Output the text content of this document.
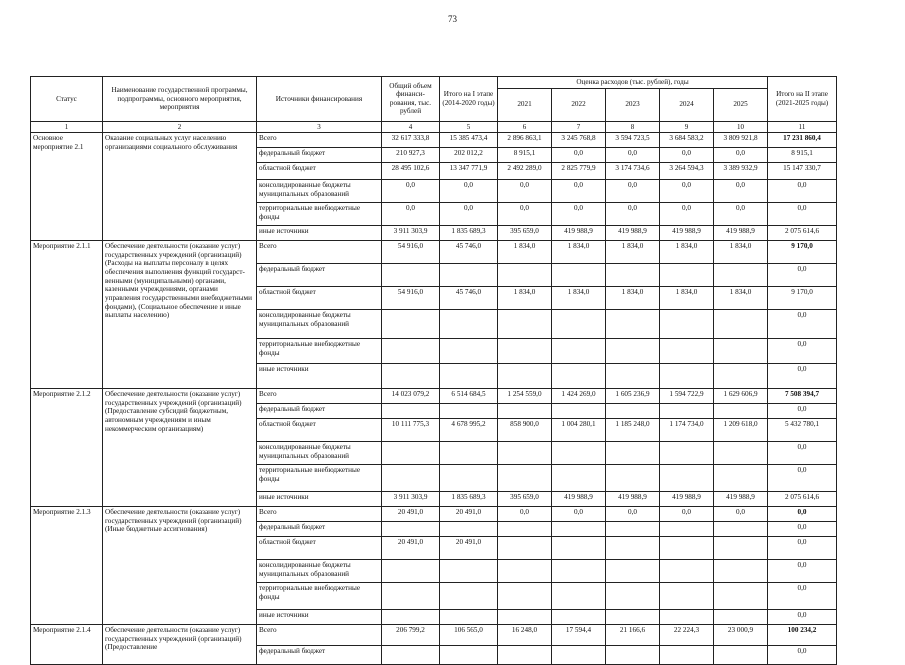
73
Статус	Наименование государственной программы, подпрограммы, основного мероприятия, мероприятия	Источники финансирования	Общий объем финанси-рования, тыс. рублей	Итого на I этапе (2014-2020 годы)	Оценка расходов (тыс. рублей), годы					Итого на II этапе (2021-2025 годы)
					2021	2022	2023	2024	2025	
1	2	3	4	5	6	7	8	9	10	11
Основное мероприятие 2.1	Оказание социальных услуг населению организациями социального обслуживания	Всего	32 617 333,8	15 385 473,4	2 896 863,1	3 245 768,8	3 594 723,5	3 684 583,2	3 809 921,8	17 231 860,4
		федеральный бюджет	210 927,3	202 012,2	8 915,1	0,0	0,0	0,0	0,0	8 915,1
		областной бюджет	28 495 102,6	13 347 771,9	2 492 289,0	2 825 779,9	3 174 734,6	3 264 594,3	3 389 932,9	15 147 330,7
		консолидированные бюджеты муниципальных образований	0,0	0,0	0,0	0,0	0,0	0,0	0,0	0,0
		территориальные внебюджетные фонды	0,0	0,0	0,0	0,0	0,0	0,0	0,0	0,0
		иные источники	3 911 303,9	1 835 689,3	395 659,0	419 988,9	419 988,9	419 988,9	419 988,9	2 075 614,6
Мероприятие 2.1.1	Обеспечение деятельности (оказание услуг) государственных учреждений (организаций) (Расходы на выплаты персоналу в целях обеспечения выполнения функций государст-венными (муниципальными) органами, казенными учреждениями, органами управления государственными внебюджетными фондами), (Социальное обеспечение и иные выплаты населению)	Всего	54 916,0	45 746,0	1 834,0	1 834,0	1 834,0	1 834,0	1 834,0	9 170,0
		федеральный бюджет								0,0
		областной бюджет	54 916,0	45 746,0	1 834,0	1 834,0	1 834,0	1 834,0	1 834,0	9 170,0
		консолидированные бюджеты муниципальных образований								0,0
		территориальные внебюджетные фонды								0,0
		иные источники								0,0
Мероприятие 2.1.2	Обеспечение деятельности (оказание услуг) государственных учреждений (организаций) (Предоставление субсидий бюджетным, автономным учреждениям и иным некоммерческим организациям)	Всего	14 023 079,2	6 514 684,5	1 254 559,0	1 424 269,0	1 605 236,9	1 594 722,9	1 629 606,9	7 508 394,7
		федеральный бюджет								0,0
		областной бюджет	10 111 775,3	4 678 995,2	858 900,0	1 004 280,1	1 185 248,0	1 174 734,0	1 209 618,0	5 432 780,1
		консолидированные бюджеты муниципальных образований								0,0
		территориальные внебюджетные фонды								0,0
		иные источники	3 911 303,9	1 835 689,3	395 659,0	419 988,9	419 988,9	419 988,9	419 988,9	2 075 614,6
Мероприятие 2.1.3	Обеспечение деятельности (оказание услуг) государственных учреждений (организаций) (Иные бюджетные ассигнования)	Всего	20 491,0	20 491,0	0,0	0,0	0,0	0,0	0,0	0,0
		федеральный бюджет								0,0
		областной бюджет	20 491,0	20 491,0						0,0
		консолидированные бюджеты муниципальных образований								0,0
		территориальные внебюджетные фонды								0,0
		иные источники								0,0
Мероприятие 2.1.4	Обеспечение деятельности (оказание услуг) государственных учреждений (организаций) (Предоставление	Всего	206 799,2	106 565,0	16 248,0	17 594,4	21 166,6	22 224,3	23 000,9	100 234,2
		федеральный бюджет								0,0
